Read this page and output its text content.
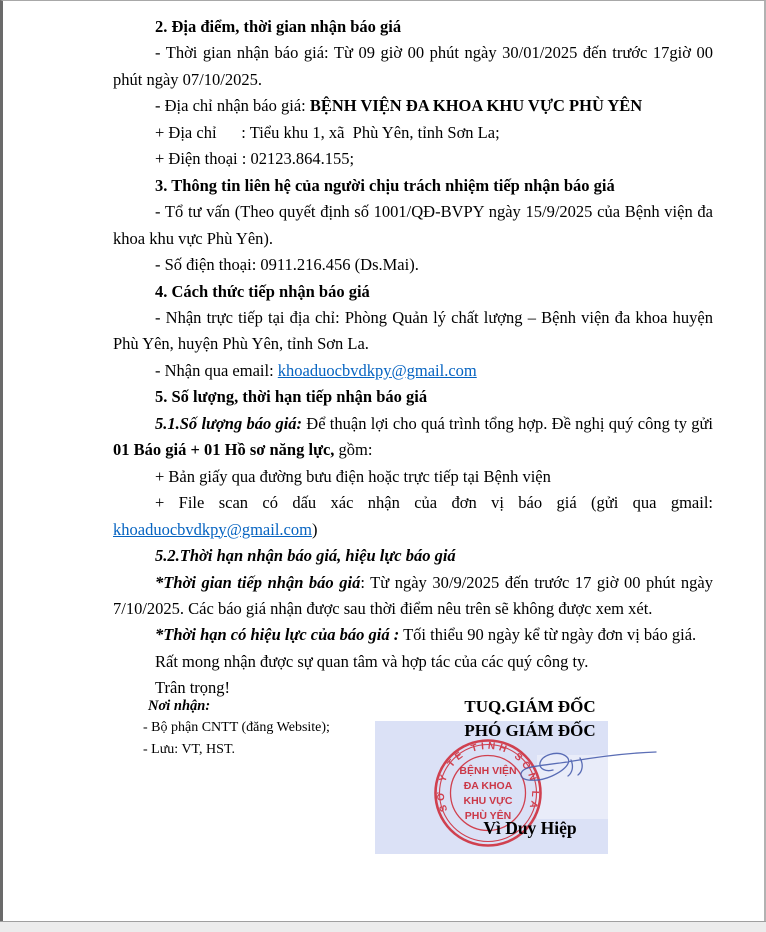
2. Địa điểm, thời gian nhận báo giá

- Thời gian nhận báo giá: Từ 09 giờ 00 phút ngày 30/01/2025 đến trước 17giờ 00 phút ngày 07/10/2025.

- Địa chỉ nhận báo giá: BỆNH VIỆN ĐA KHOA KHU VỰC PHÙ YÊN

+ Địa chỉ      : Tiểu khu 1, xã  Phù Yên, tỉnh Sơn La;

+ Điện thoại : 02123.864.155;

3. Thông tin liên hệ của người chịu trách nhiệm tiếp nhận báo giá

- Tổ tư vấn (Theo quyết định số 1001/QĐ-BVPY ngày 15/9/2025 của Bệnh viện đa khoa khu vực Phù Yên).

- Số điện thoại: 0911.216.456 (Ds.Mai).

4. Cách thức tiếp nhận báo giá

- Nhận trực tiếp tại địa chỉ: Phòng Quản lý chất lượng – Bệnh viện đa khoa huyện Phù Yên, huyện Phù Yên, tỉnh Sơn La.

- Nhận qua email: khoaduocbvdkpy@gmail.com

5. Số lượng, thời hạn tiếp nhận báo giá

5.1.Số lượng báo giá: Để thuận lợi cho quá trình tổng hợp. Đề nghị quý công ty gửi 01 Báo giá + 01 Hồ sơ năng lực, gồm:

+ Bản giấy qua đường bưu điện hoặc trực tiếp tại Bệnh viện

+ File scan có dấu xác nhận của đơn vị báo giá (gửi qua gmail: khoaduocbvdkpy@gmail.com)

5.2.Thời hạn nhận báo giá, hiệu lực báo giá

*Thời gian tiếp nhận báo giá: Từ ngày 30/9/2025 đến trước 17 giờ 00 phút ngày 7/10/2025. Các báo giá nhận được sau thời điểm nêu trên sẽ không được xem xét.

*Thời hạn có hiệu lực của báo giá : Tối thiểu 90 ngày kể từ ngày đơn vị báo giá.

Rất mong nhận được sự quan tâm và hợp tác của các quý công ty.

Trân trọng!

Nơi nhận:
- Bộ phận CNTT (đăng Website);
- Lưu: VT, HST.
TUQ.GIÁM ĐỐC
PHÓ GIÁM ĐỐC
SỞ Y TẾ TỈNH SƠN LA
BỆNH VIỆN
ĐA KHOA
KHU VỰC
PHÙ YÊN
Vì Duy Hiệp
